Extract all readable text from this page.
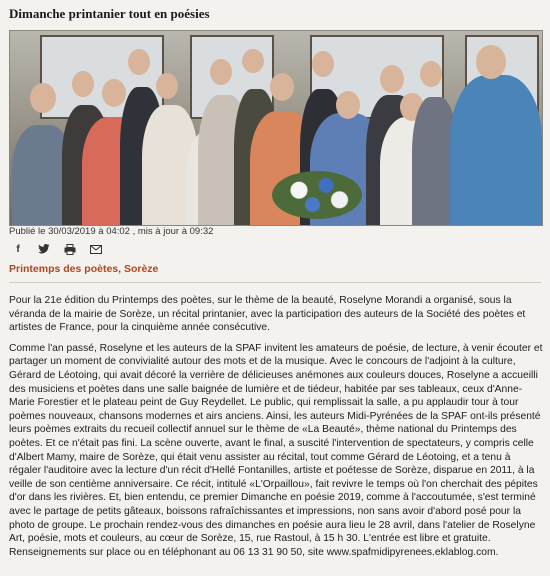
Dimanche printanier tout en poésies
Publié le 30/03/2019 à 04:02 , mis à jour à 09:32
f
Printemps des poètes, Sorèze

Pour la 21e édition du Printemps des poètes, sur le thème de la beauté, Roselyne Morandi a organisé, sous la véranda de la mairie de Sorèze, un récital printanier, avec la participation des auteurs de la Société des poètes et artistes de France, pour la cinquième année consécutive.

Comme l'an passé, Roselyne et les auteurs de la SPAF invitent les amateurs de poésie, de lecture, à venir écouter et partager un moment de convivialité autour des mots et de la musique. Avec le concours de l'adjoint à la culture, Gérard de Léotoing, qui avait décoré la verrière de délicieuses anémones aux couleurs douces, Roselyne a accueilli des musiciens et poètes dans une salle baignée de lumière et de tiédeur, habitée par ses tableaux, ceux d'Anne-Marie Forestier et le plateau peint de Guy Reydellet. Le public, qui remplissait la salle, a pu applaudir tour à tour poèmes nouveaux, chansons modernes et airs anciens. Ainsi, les auteurs Midi-Pyrénées de la SPAF ont-ils présenté leurs poèmes extraits du recueil collectif annuel sur le thème de «La Beauté», thème national du Printemps des poètes. Et ce n'était pas fini. La scène ouverte, avant le final, a suscité l'intervention de spectateurs, y compris celle d'Albert Mamy, maire de Sorèze, qui était venu assister au récital, tout comme Gérard de Léotoing, et a tenu à régaler l'auditoire avec la lecture d'un récit d'Hellé Fontanilles, artiste et poétesse de Sorèze, disparue en 2011, à la veille de son centième anniversaire. Ce récit, intitulé «L'Orpaillou», fait revivre le temps où l'on cherchait des pépites d'or dans les rivières. Et, bien entendu, ce premier Dimanche en poésie 2019, comme à l'accoutumée, s'est terminé avec le partage de petits gâteaux, boissons rafraîchissantes et impressions, non sans avoir d'abord posé pour la photo de groupe. Le prochain rendez-vous des dimanches en poésie aura lieu le 28 avril, dans l'atelier de Roselyne Art, poésie, mots et couleurs, au cœur de Sorèze, 15, rue Rastoul, à 15 h 30. L'entrée est libre et gratuite. Renseignements sur place ou en téléphonant au 06 13 31 90 50, site www.spafmidipyrenees.eklablog.com.
